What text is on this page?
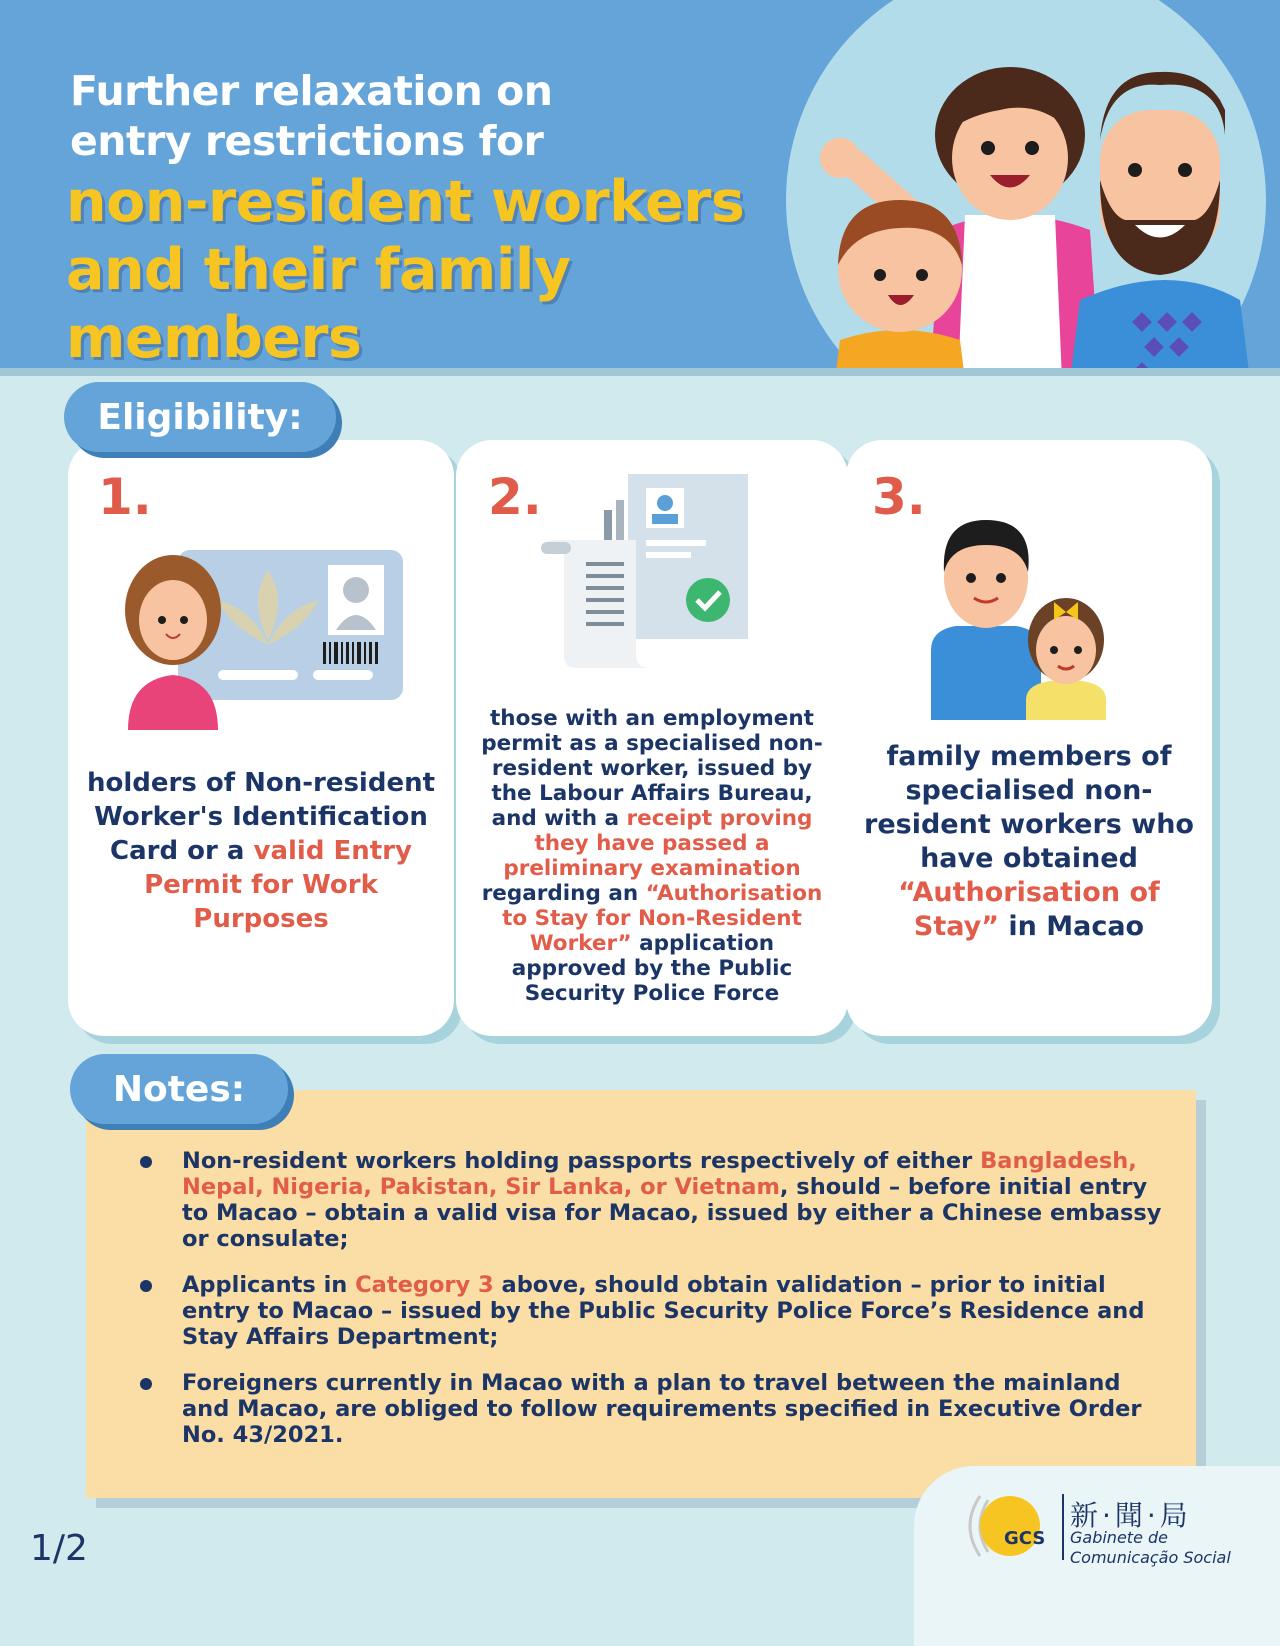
Further relaxation on
entry restrictions for
non-resident workers
and their family members
1.
holders of Non-resident Worker's Identification Card or a valid Entry Permit for Work Purposes
2.
those with an employment permit as a specialised non-resident worker, issued by the Labour Affairs Bureau, and with a receipt proving they have passed a preliminary examination regarding an “Authorisation to Stay for Non-Resident Worker” application approved by the Public Security Police Force
3.
family members of specialised non-resident workers who have obtained “Authorisation of Stay” in Macao
Eligibility:
Non-resident workers holding passports respectively of either Bangladesh, Nepal, Nigeria, Pakistan, Sir Lanka, or Vietnam, should – before initial entry to Macao – obtain a valid visa for Macao, issued by either a Chinese embassy or consulate;
Applicants in Category 3 above, should obtain validation – prior to initial entry to Macao – issued by the Public Security Police Force’s Residence and Stay Affairs Department;
Foreigners currently in Macao with a plan to travel between the mainland and Macao, are obliged to follow requirements specified in Executive Order No. 43/2021.
Notes:
1/2	GCS
新·聞·局
Gabinete de
Comunicação Social
